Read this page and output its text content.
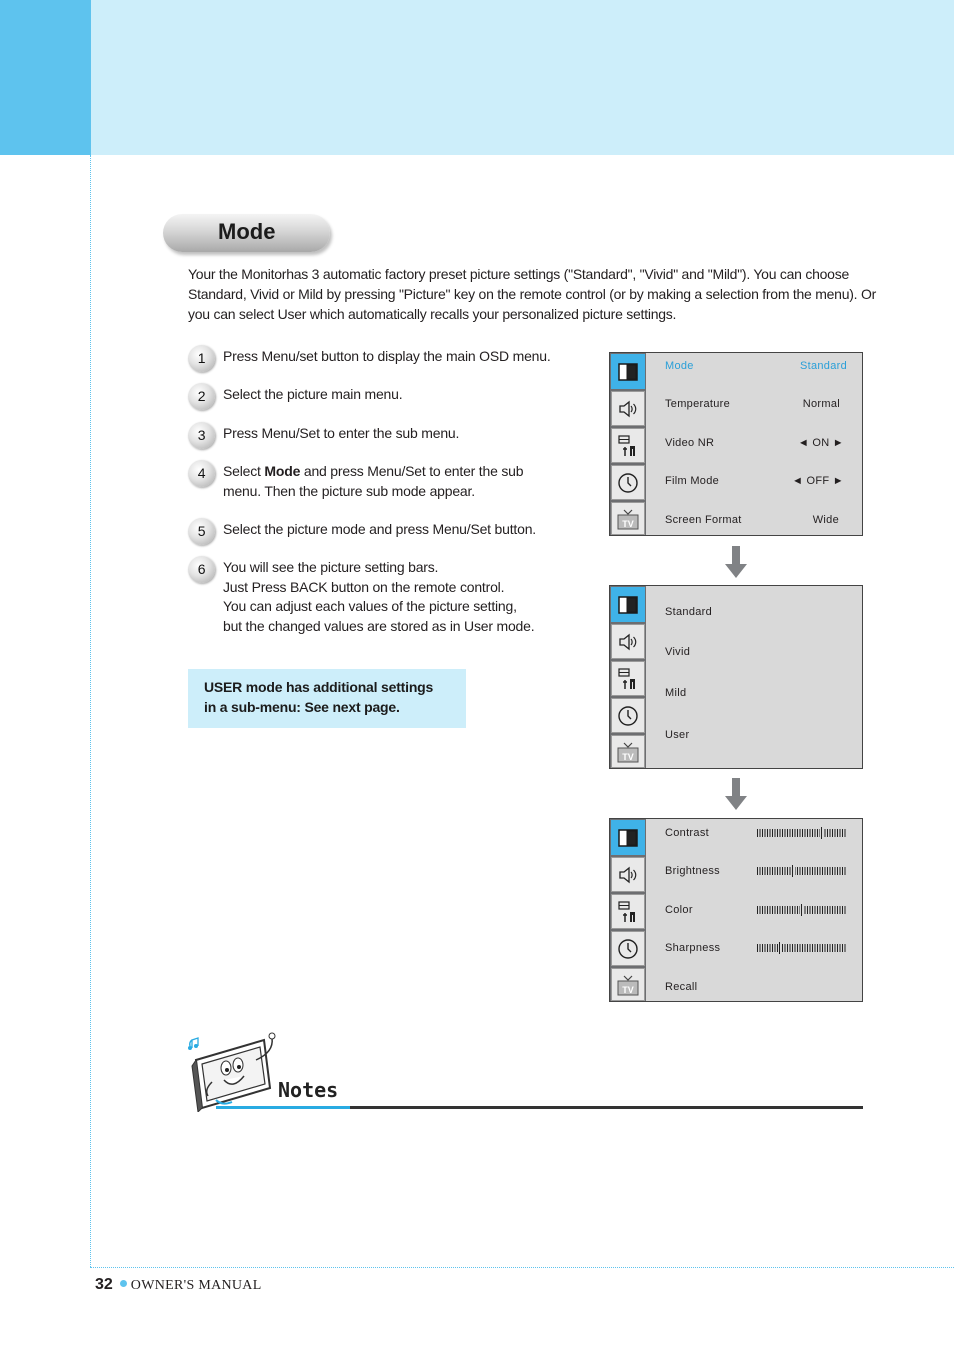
Mode

Your the Monitorhas 3 automatic factory preset picture settings ("Standard", "Vivid" and "Mild"). You can choose Standard, Vivid or Mild by pressing "Picture" key on the remote control (or by making a selection from the menu). Or you can select User which automatically recalls your personalized picture settings.

1	Press Menu/set button to display the main OSD menu.
2	Select the picture main menu.
3	Press Menu/Set to enter the sub menu.
4	Select Mode and press Menu/Set to enter the sub menu. Then the picture sub mode appear.
5	Select the picture mode and press Menu/Set button.
6	You will see the picture setting bars.
Just Press BACK button on the remote control.
You can adjust each values of the picture setting,
but the changed values are stored as in User mode.
USER mode has additional settings
in a sub-menu: See next page.
TV
Mode	Standard
Temperature	Normal
Video NR	◄ ON ►
Film Mode	◄ OFF ►
Screen Format	Wide
TV
Standard
Vivid
Mild
User
TV
Contrast
Brightness
Color
Sharpness
Recall
Notes
32 OWNER'S MANUAL
